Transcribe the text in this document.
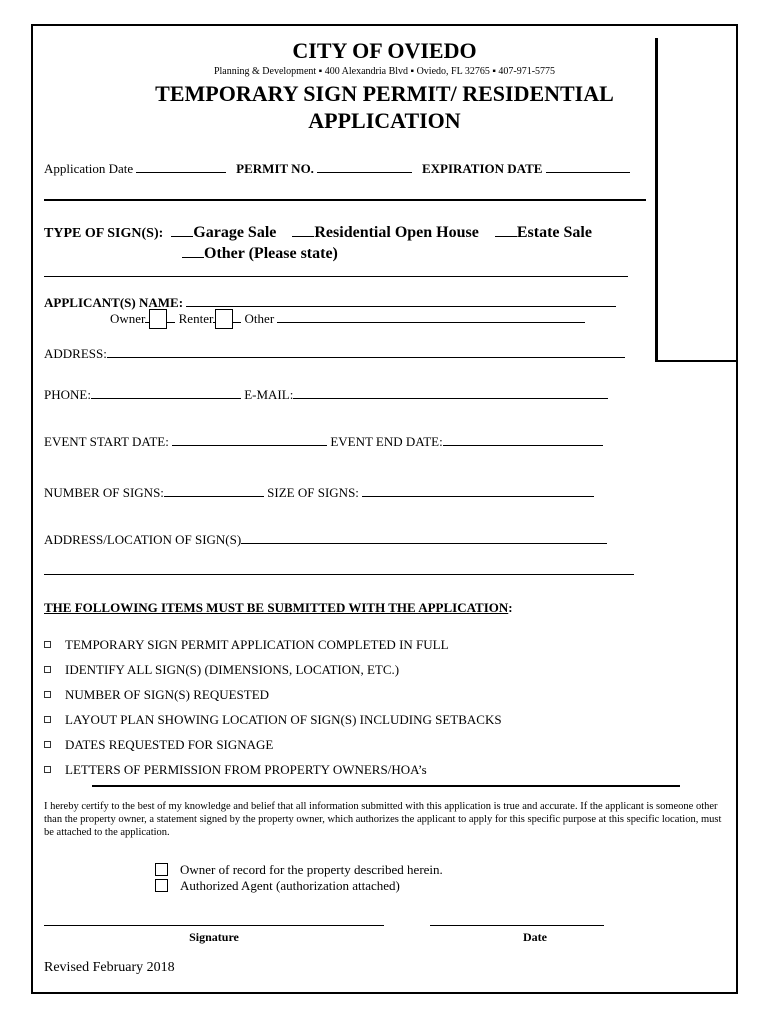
CITY OF OVIEDO
Planning & Development ▪ 400 Alexandria Blvd ▪ Oviedo, FL 32765 ▪ 407-971-5775
TEMPORARY SIGN PERMIT/ RESIDENTIAL
APPLICATION
Application Date	PERMIT NO.	EXPIRATION DATE
TYPE OF SIGN(S): Garage Sale Residential Open House Estate Sale
Other (Please state)
APPLICANT(S) NAME:
Owner	Renter Other
ADDRESS:
PHONE:	E-MAIL:
EVENT START DATE:	EVENT END DATE:
NUMBER OF SIGNS:	SIZE OF SIGNS:
ADDRESS/LOCATION OF SIGN(S)
THE FOLLOWING ITEMS MUST BE SUBMITTED WITH THE APPLICATION:
TEMPORARY SIGN PERMIT APPLICATION COMPLETED IN FULL
IDENTIFY ALL SIGN(S) (DIMENSIONS, LOCATION, ETC.)
NUMBER OF SIGN(S) REQUESTED
LAYOUT PLAN SHOWING LOCATION OF SIGN(S) INCLUDING SETBACKS
DATES REQUESTED FOR SIGNAGE
LETTERS OF PERMISSION FROM PROPERTY OWNERS/HOA’s
I hereby certify to the best of my knowledge and belief that all information submitted with this application is true and accurate. If the applicant is someone other than the property owner, a statement signed by the property owner, which authorizes the applicant to apply for this specific purpose at this specific location, must be attached to the application.
Owner of record for the property described herein.
Authorized Agent (authorization attached)
Signature	Date
Revised February 2018
